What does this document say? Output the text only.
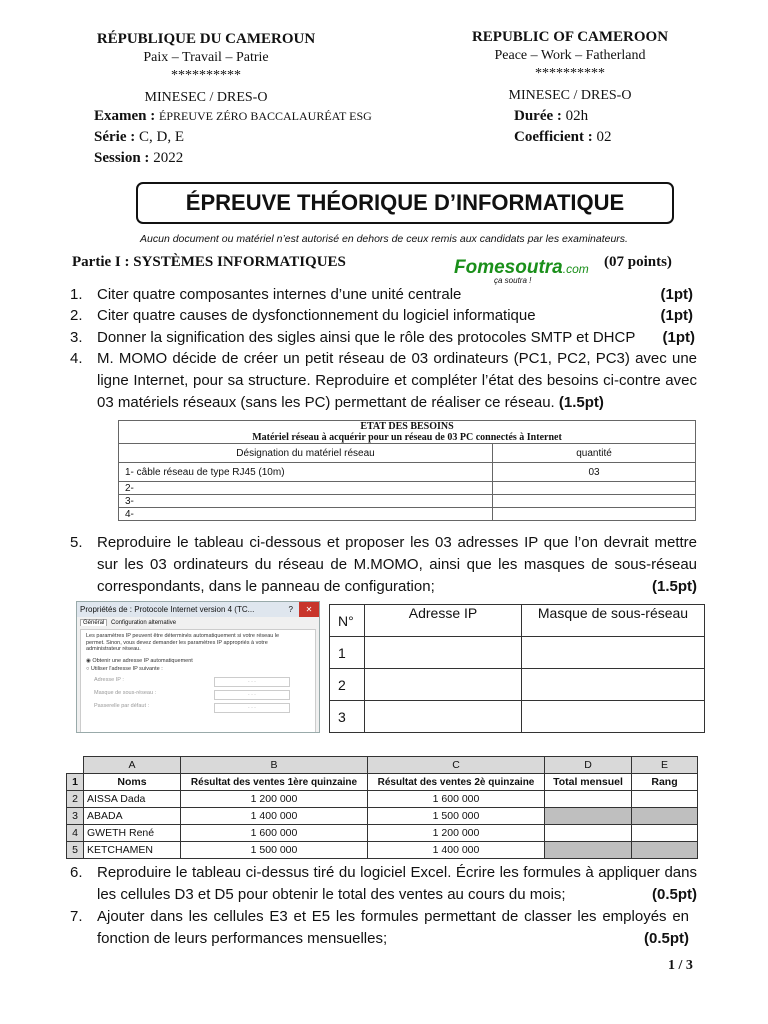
RÉPUBLIQUE DU CAMEROUN
Paix – Travail – Patrie
**********

MINESEC / DRES-O
REPUBLIC OF CAMEROON
Peace – Work – Fatherland
**********

MINESEC / DRES-O
Examen : ÉPREUVE ZÉRO BACCALAURÉAT ESG
Série : C, D, E
Session : 2022
Durée : 02h
Coefficient : 02
ÉPREUVE THÉORIQUE D’INFORMATIQUE
Aucun document ou matériel n’est autorisé en dehors de ceux remis aux candidats par les examinateurs.
Partie I : SYSTÈMES INFORMATIQUES	Fomesoutra.com
ça soutra !
(07 points)
1. Citer quatre composantes internes d’une unité centrale	(1pt)
2. Citer quatre causes de dysfonctionnement du logiciel informatique	(1pt)
3. Donner la signification des sigles ainsi que le rôle des protocoles SMTP et DHCP (1pt)
4. M. MOMO décide de créer un petit réseau de 03 ordinateurs (PC1, PC2, PC3) avec une ligne Internet, pour sa structure. Reproduire et compléter l’état des besoins ci-contre avec 03 matériels réseaux (sans les PC) permettant de réaliser ce réseau. (1.5pt)
ETAT DES BESOINS
Matériel réseau à acquérir pour un réseau de 03 PC connectés à Internet	
Désignation du matériel réseau	quantité
1- câble réseau de type RJ45 (10m)	03
2-	
3-	
4-	
5. Reproduire le tableau ci-dessous et proposer les 03 adresses IP que l’on devrait mettre sur les 03 ordinateurs du réseau de M.MOMO, ainsi que les masques de sous-réseau correspondants, dans le panneau de configuration;	(1.5pt)
Propriétés de : Protocole Internet version 4 (TC...	?	✕
Général Configuration alternative
Les paramètres IP peuvent être déterminés automatiquement si votre réseau le permet. Sinon, vous devez demander les paramètres IP appropriés à votre administrateur réseau.
◉ Obtenir une adresse IP automatiquement
○ Utiliser l'adresse IP suivante :
Adresse IP :	. . .
Masque de sous-réseau :	. . .
Passerelle par défaut :	. . .
N°	Adresse IP	Masque de sous-réseau
1		
2		
3		
	A	B	C	D	E
1	Noms	Résultat des ventes 1ère quinzaine	Résultat des ventes 2è quinzaine	Total mensuel	Rang
2	AISSA Dada	1 200 000	1 600 000		
3	ABADA	1 400 000	1 500 000		
4	GWETH René	1 600 000	1 200 000		
5	KETCHAMEN	1 500 000	1 400 000		
6. Reproduire le tableau ci-dessus tiré du logiciel Excel. Écrire les formules à appliquer dans les cellules D3 et D5 pour obtenir le total des ventes au cours du mois;	(0.5pt)
7. Ajouter dans les cellules E3 et E5 les formules permettant de classer les employés en fonction de leurs performances mensuelles;	(0.5pt)
1 / 3
